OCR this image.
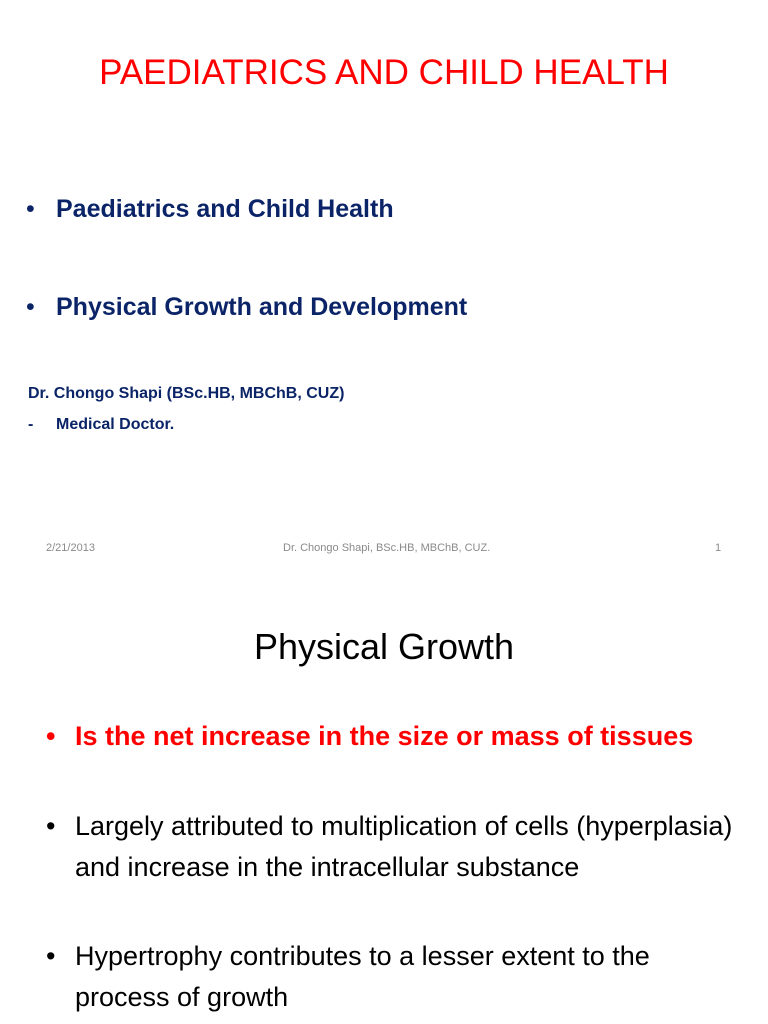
PAEDIATRICS AND CHILD HEALTH
• Paediatrics and Child Health
• Physical Growth and Development
Dr. Chongo Shapi (BSc.HB, MBChB, CUZ)
- Medical Doctor.
2/21/2013	Dr. Chongo Shapi, BSc.HB, MBChB, CUZ.	1
Physical Growth
• Is the net increase in the size or mass of tissues
• Largely attributed to multiplication of cells (hyperplasia) and increase in the intracellular substance
• Hypertrophy contributes to a lesser extent to the process of growth
